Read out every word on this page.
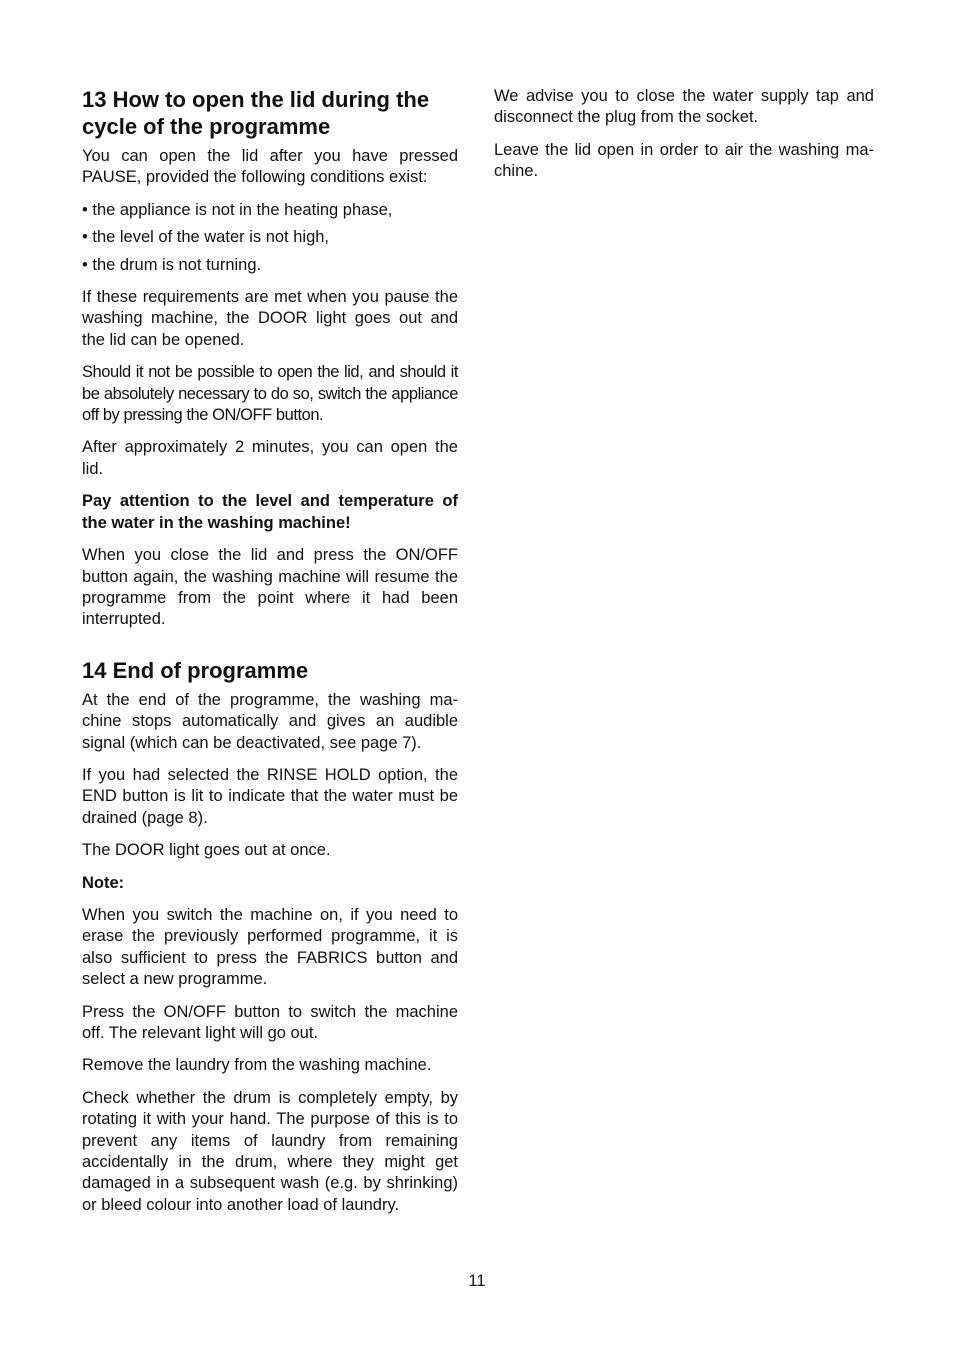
13 How to open the lid during the cycle of the programme

You can open the lid after you have pressed PAUSE, provided the following conditions exist:

• the appliance is not in the heating phase,

• the level of the water is not high,

• the drum is not turning.

If these requirements are met when you pause the washing machine, the DOOR light goes out and the lid can be opened.

Should it not be possible to open the lid, and should it be absolutely necessary to do so, switch the appliance off by pressing the ON/OFF button.

After approximately 2 minutes, you can open the lid.

Pay attention to the level and temperature of the water in the washing machine!

When you close the lid and press the ON/OFF button again, the washing machine will resume the programme from the point where it had been interrupted.

14 End of programme

At the end of the programme, the washing ma-chine stops automatically and gives an audible signal (which can be deactivated, see page 7).

If you had selected the RINSE HOLD option, the END button is lit to indicate that the water must be drained (page 8).

The DOOR light goes out at once.

Note:

When you switch the machine on, if you need to erase the previously performed programme, it is also sufficient to press the FABRICS button and select a new programme.

Press the ON/OFF button to switch the machine off. The relevant light will go out.

Remove the laundry from the washing machine.

Check whether the drum is completely empty, by rotating it with your hand. The purpose of this is to prevent any items of laundry from remaining accidentally in the drum, where they might get damaged in a subsequent wash (e.g. by shrinking) or bleed colour into another load of laundry.

We advise you to close the water supply tap and disconnect the plug from the socket.

Leave the lid open in order to air the washing ma-chine.

11
